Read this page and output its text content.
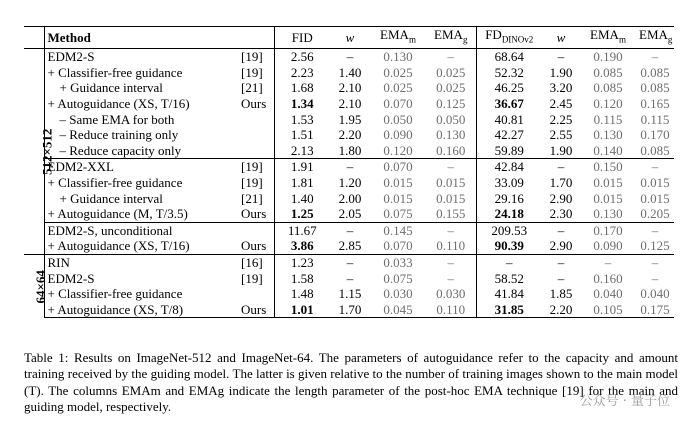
	Method		FID	w	$EMA_m$	$EMA_g$	$FD_{DINOv2}$	w	$EMA_m$	$EMA_g$
512×512	EDM2-S	[19]	2.56	–	0.130	–	68.64	–	0.190	–
	+ Classifier-free guidance	[19]	2.23	1.40	0.025	0.025	52.32	1.90	0.085	0.085
	+ Guidance interval	[21]	1.68	2.10	0.025	0.025	46.25	3.20	0.085	0.085
	+ Autoguidance (XS, T/16)	Ours	1.34	2.10	0.070	0.125	36.67	2.45	0.120	0.165
	– Same EMA for both		1.53	1.95	0.050	0.050	40.81	2.25	0.115	0.115
	– Reduce training only		1.51	2.20	0.090	0.130	42.27	2.55	0.130	0.170
	– Reduce capacity only		2.13	1.80	0.120	0.160	59.89	1.90	0.140	0.085
	EDM2-XXL	[19]	1.91	–	0.070	–	42.84	–	0.150	–
	+ Classifier-free guidance	[19]	1.81	1.20	0.015	0.015	33.09	1.70	0.015	0.015
	+ Guidance interval	[21]	1.40	2.00	0.015	0.015	29.16	2.90	0.015	0.015
	+ Autoguidance (M, T/3.5)	Ours	1.25	2.05	0.075	0.155	24.18	2.30	0.130	0.205
	EDM2-S, unconditional		11.67	–	0.145	–	209.53	–	0.170	–
	+ Autoguidance (XS, T/16)	Ours	3.86	2.85	0.070	0.110	90.39	2.90	0.090	0.125
64×64	RIN	[16]	1.23	–	0.033	–	–	–	–	–
	EDM2-S	[19]	1.58	–	0.075	–	58.52	–	0.160	–
	+ Classifier-free guidance		1.48	1.15	0.030	0.030	41.84	1.85	0.040	0.040
	+ Autoguidance (XS, T/8)	Ours	1.01	1.70	0.045	0.110	31.85	2.20	0.105	0.175
Table 1: Results on ImageNet-512 and ImageNet-64. The parameters of autoguidance refer to the capacity and amount training received by the guiding model. The latter is given relative to the number of training images shown to the main model (T). The columns EMAm and EMAg indicate the length parameter of the post-hoc EMA technique [19] for the main and guiding model, respectively.	公众号 · 量子位
